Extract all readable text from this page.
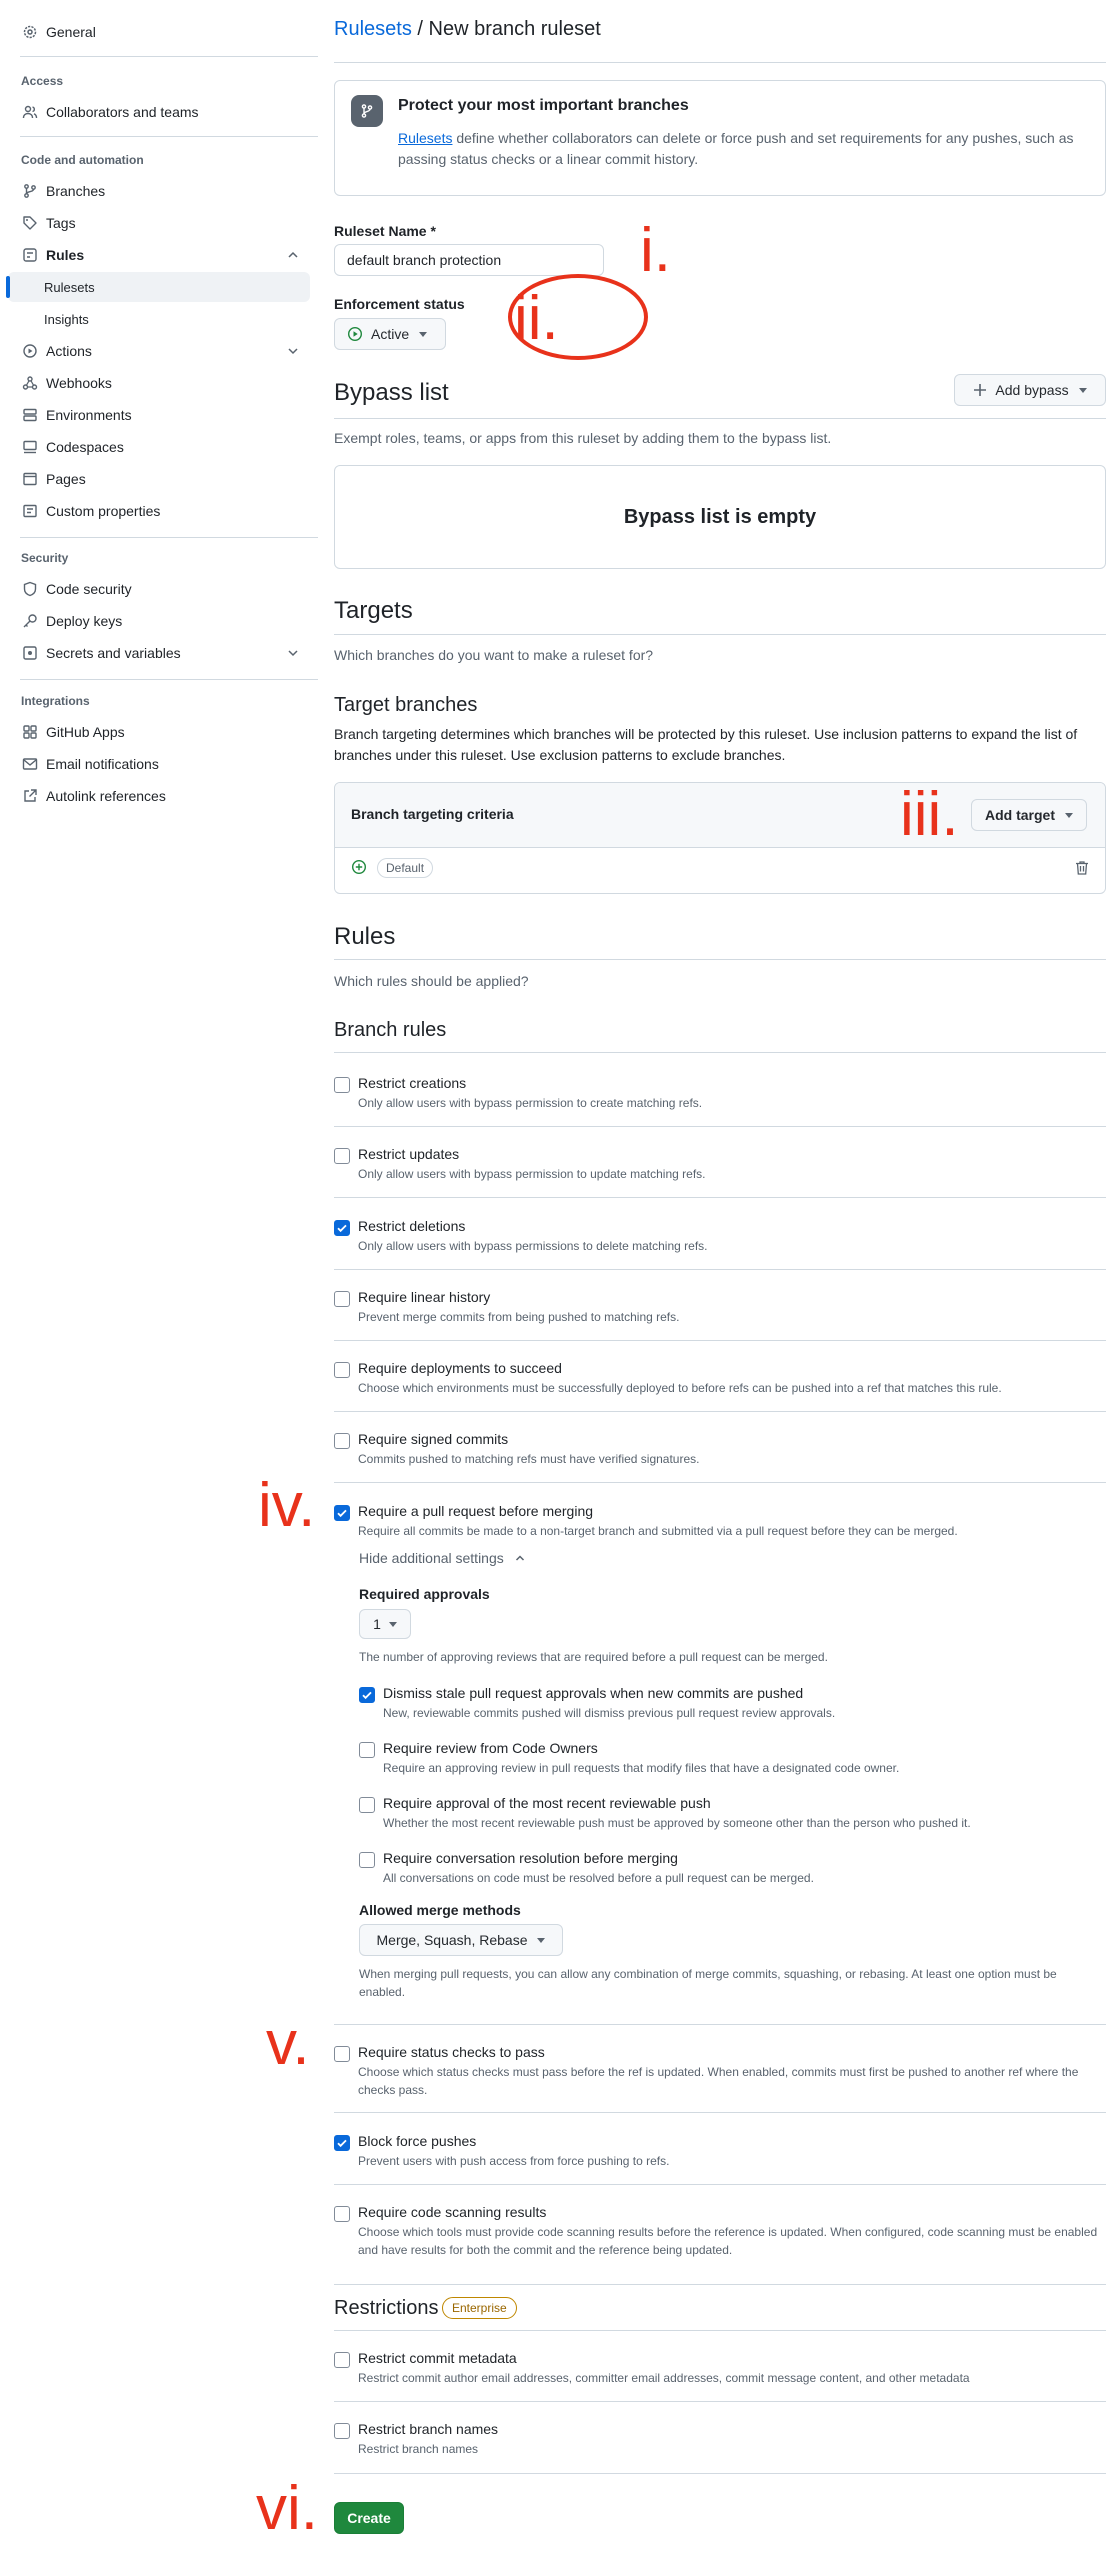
General
Access
Collaborators and teams
Code and automation
Branches
Tags
Rules
Rulesets
Insights
Actions
Webhooks
Environments
Codespaces
Pages
Custom properties
Security
Code security
Deploy keys
Secrets and variables
Integrations
GitHub Apps
Email notifications
Autolink references
Rulesets / New branch ruleset
Protect your most important branches
Rulesets define whether collaborators can delete or force push and set requirements for any pushes, such as passing status checks or a linear commit history.
Ruleset Name *
default branch protection
Enforcement status
Active
Bypass list	Add bypass
Exempt roles, teams, or apps from this ruleset by adding them to the bypass list.
Bypass list is empty
Targets
Which branches do you want to make a ruleset for?
Target branches
Branch targeting determines which branches will be protected by this ruleset. Use inclusion patterns to expand the list of branches under this ruleset. Use exclusion patterns to exclude branches.
Branch targeting criteria	Add target
Default
Rules
Which rules should be applied?
Branch rules
Restrict creations
Only allow users with bypass permission to create matching refs.
Restrict updates
Only allow users with bypass permission to update matching refs.
Restrict deletions
Only allow users with bypass permissions to delete matching refs.
Require linear history
Prevent merge commits from being pushed to matching refs.
Require deployments to succeed
Choose which environments must be successfully deployed to before refs can be pushed into a ref that matches this rule.
Require signed commits
Commits pushed to matching refs must have verified signatures.
Require a pull request before merging
Require all commits be made to a non-target branch and submitted via a pull request before they can be merged.
Require status checks to pass
Choose which status checks must pass before the ref is updated. When enabled, commits must first be pushed to another ref where the checks pass.
Block force pushes
Prevent users with push access from force pushing to refs.
Require code scanning results
Choose which tools must provide code scanning results before the reference is updated. When configured, code scanning must be enabled and have results for both the commit and the reference being updated.
Hide additional settings
Required approvals
1
The number of approving reviews that are required before a pull request can be merged.
Dismiss stale pull request approvals when new commits are pushed
New, reviewable commits pushed will dismiss previous pull request review approvals.
Require review from Code Owners
Require an approving review in pull requests that modify files that have a designated code owner.
Require approval of the most recent reviewable push
Whether the most recent reviewable push must be approved by someone other than the person who pushed it.
Require conversation resolution before merging
All conversations on code must be resolved before a pull request can be merged.
Allowed merge methods
Merge, Squash, Rebase
When merging pull requests, you can allow any combination of merge commits, squashing, or rebasing. At least one option must be enabled.
Restrictions	Enterprise
Restrict commit metadata
Restrict commit author email addresses, committer email addresses, commit message content, and other metadata
Restrict branch names
Restrict branch names
Create
i.
ii.
iii.
iv.
v.
vi.
